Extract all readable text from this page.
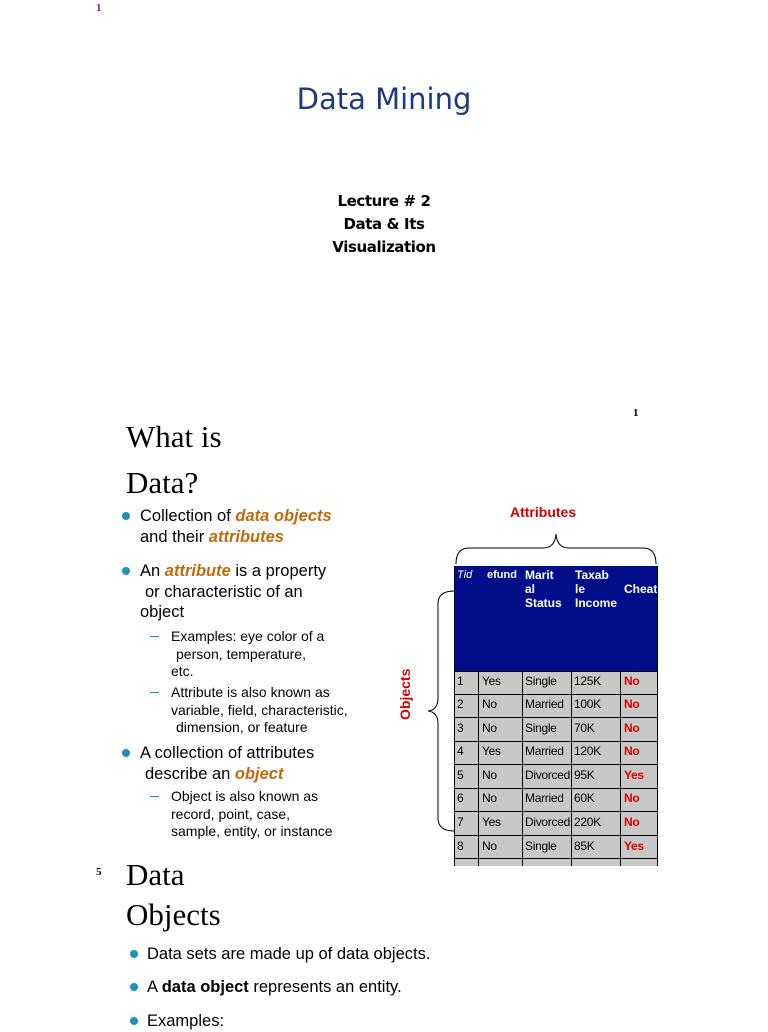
1
Data Mining
Lecture # 2
Data & Its
Visualization
1
What is
Data?
Collection of data objects
and their attributes
An attribute is a property
or characteristic of an
object
Examples: eye color of a
person, temperature,
etc.
Attribute is also known as
variable, field, characteristic,
dimension, or feature
A collection of attributes
describe an object
Object is also known as
record, point, case,
sample, entity, or instance
Attributes
Objects
Tid efund Marit
al
Status
Taxab
le
Income
Cheat
1 Yes Single 125K No
2 No Married 100K No
3 No Single 70K No
4 Yes Married 120K No
5 No Divorced 95K Yes
6 No Married 60K No
7 Yes Divorced 220K No
8 No Single 85K Yes
5 Data
Objects
Data sets are made up of data objects.
A data object represents an entity.
Examples:
